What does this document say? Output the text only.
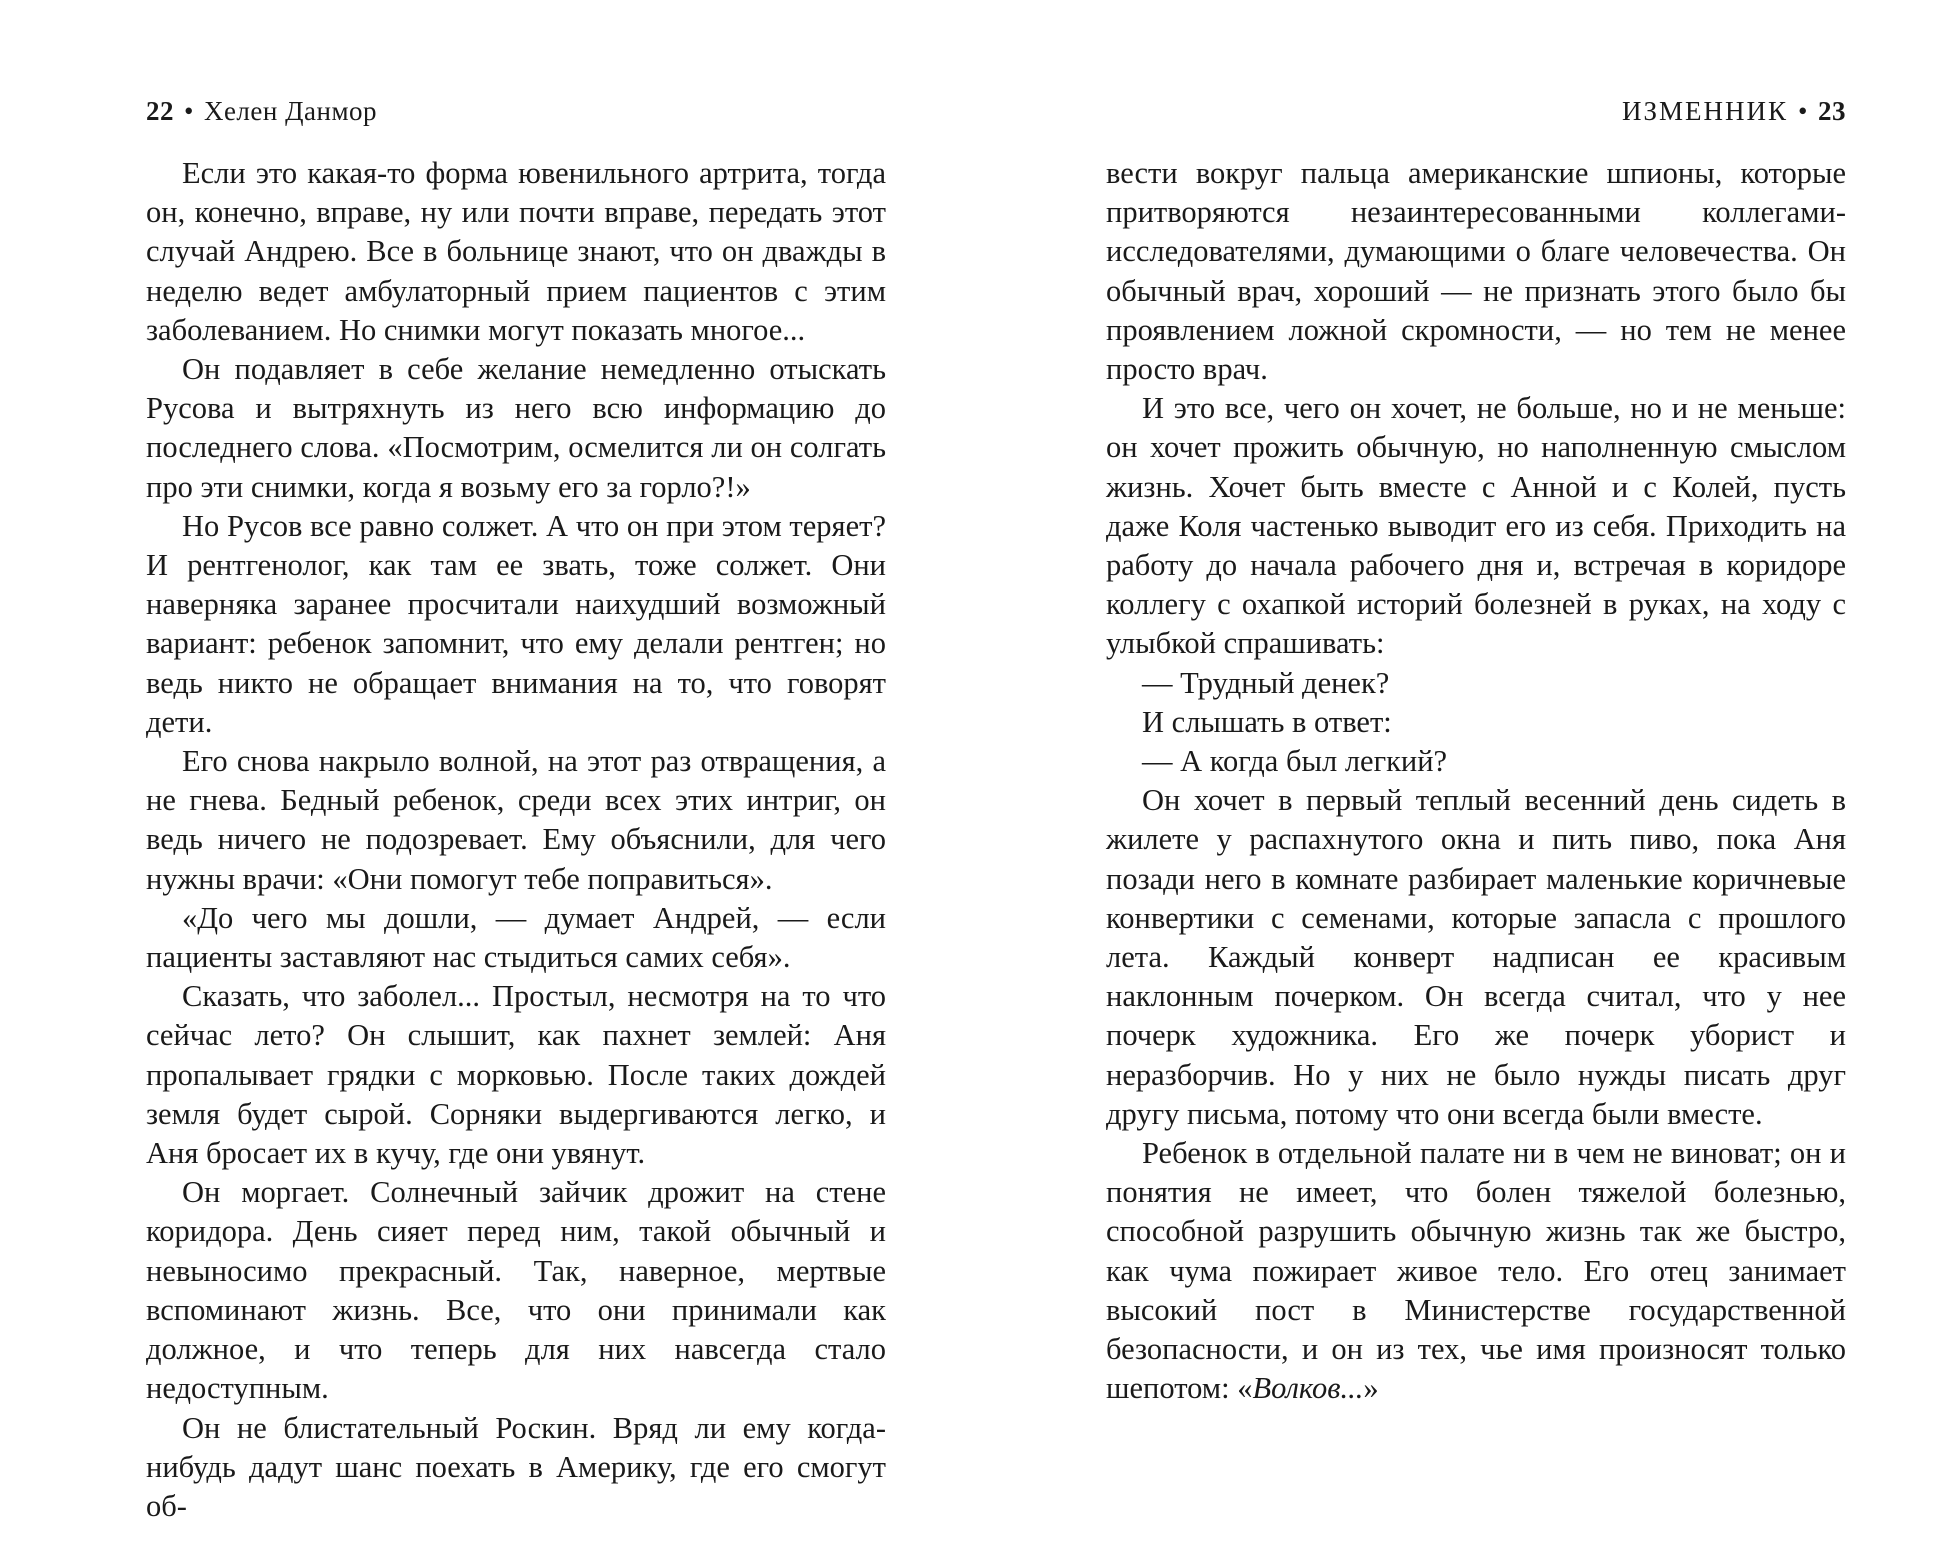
22 • Хелен Данмор

Если это какая-то форма ювенильного артрита, тогда он, конечно, вправе, ну или почти вправе, передать этот случай Андрею. Все в больнице знают, что он дважды в неделю ведет амбулаторный прием пациентов с этим заболеванием. Но снимки могут показать многое...

Он подавляет в себе желание немедленно отыскать Русова и вытряхнуть из него всю информацию до последнего слова. «Посмотрим, осмелится ли он солгать про эти снимки, когда я возьму его за горло?!»

Но Русов все равно солжет. А что он при этом теряет? И рентгенолог, как там ее звать, тоже солжет. Они наверняка заранее просчитали наихудший возможный вариант: ребенок запомнит, что ему делали рентген; но ведь никто не обращает внимания на то, что говорят дети.

Его снова накрыло волной, на этот раз отвращения, а не гнева. Бедный ребенок, среди всех этих интриг, он ведь ничего не подозревает. Ему объяснили, для чего нужны врачи: «Они помогут тебе поправиться».

«До чего мы дошли, — думает Андрей, — если пациенты заставляют нас стыдиться самих себя».

Сказать, что заболел... Простыл, несмотря на то что сейчас лето? Он слышит, как пахнет землей: Аня пропалывает грядки с морковью. После таких дождей земля будет сырой. Сорняки выдергиваются легко, и Аня бросает их в кучу, где они увянут.

Он моргает. Солнечный зайчик дрожит на стене коридора. День сияет перед ним, такой обычный и невыносимо прекрасный. Так, наверное, мертвые вспоминают жизнь. Все, что они принимали как должное, и что теперь для них навсегда стало недоступным.

Он не блистательный Роскин. Вряд ли ему когда-нибудь дадут шанс поехать в Америку, где его смогут об-

ИЗМЕННИК • 23

вести вокруг пальца американские шпионы, которые притворяются незаинтересованными коллегами-исследователями, думающими о благе человечества. Он обычный врач, хороший — не признать этого было бы проявлением ложной скромности, — но тем не менее просто врач.

И это все, чего он хочет, не больше, но и не меньше: он хочет прожить обычную, но наполненную смыслом жизнь. Хочет быть вместе с Анной и с Колей, пусть даже Коля частенько выводит его из себя. Приходить на работу до начала рабочего дня и, встречая в коридоре коллегу с охапкой историй болезней в руках, на ходу с улыбкой спрашивать:

— Трудный денек?

И слышать в ответ:

— А когда был легкий?

Он хочет в первый теплый весенний день сидеть в жилете у распахнутого окна и пить пиво, пока Аня позади него в комнате разбирает маленькие коричневые конвертики с семенами, которые запасла с прошлого лета. Каждый конверт надписан ее красивым наклонным почерком. Он всегда считал, что у нее почерк художника. Его же почерк уборист и неразборчив. Но у них не было нужды писать друг другу письма, потому что они всегда были вместе.

Ребенок в отдельной палате ни в чем не виноват; он и понятия не имеет, что болен тяжелой болезнью, способной разрушить обычную жизнь так же быстро, как чума пожирает живое тело. Его отец занимает высокий пост в Министерстве государственной безопасности, и он из тех, чье имя произносят только шепотом: «Волков...»
